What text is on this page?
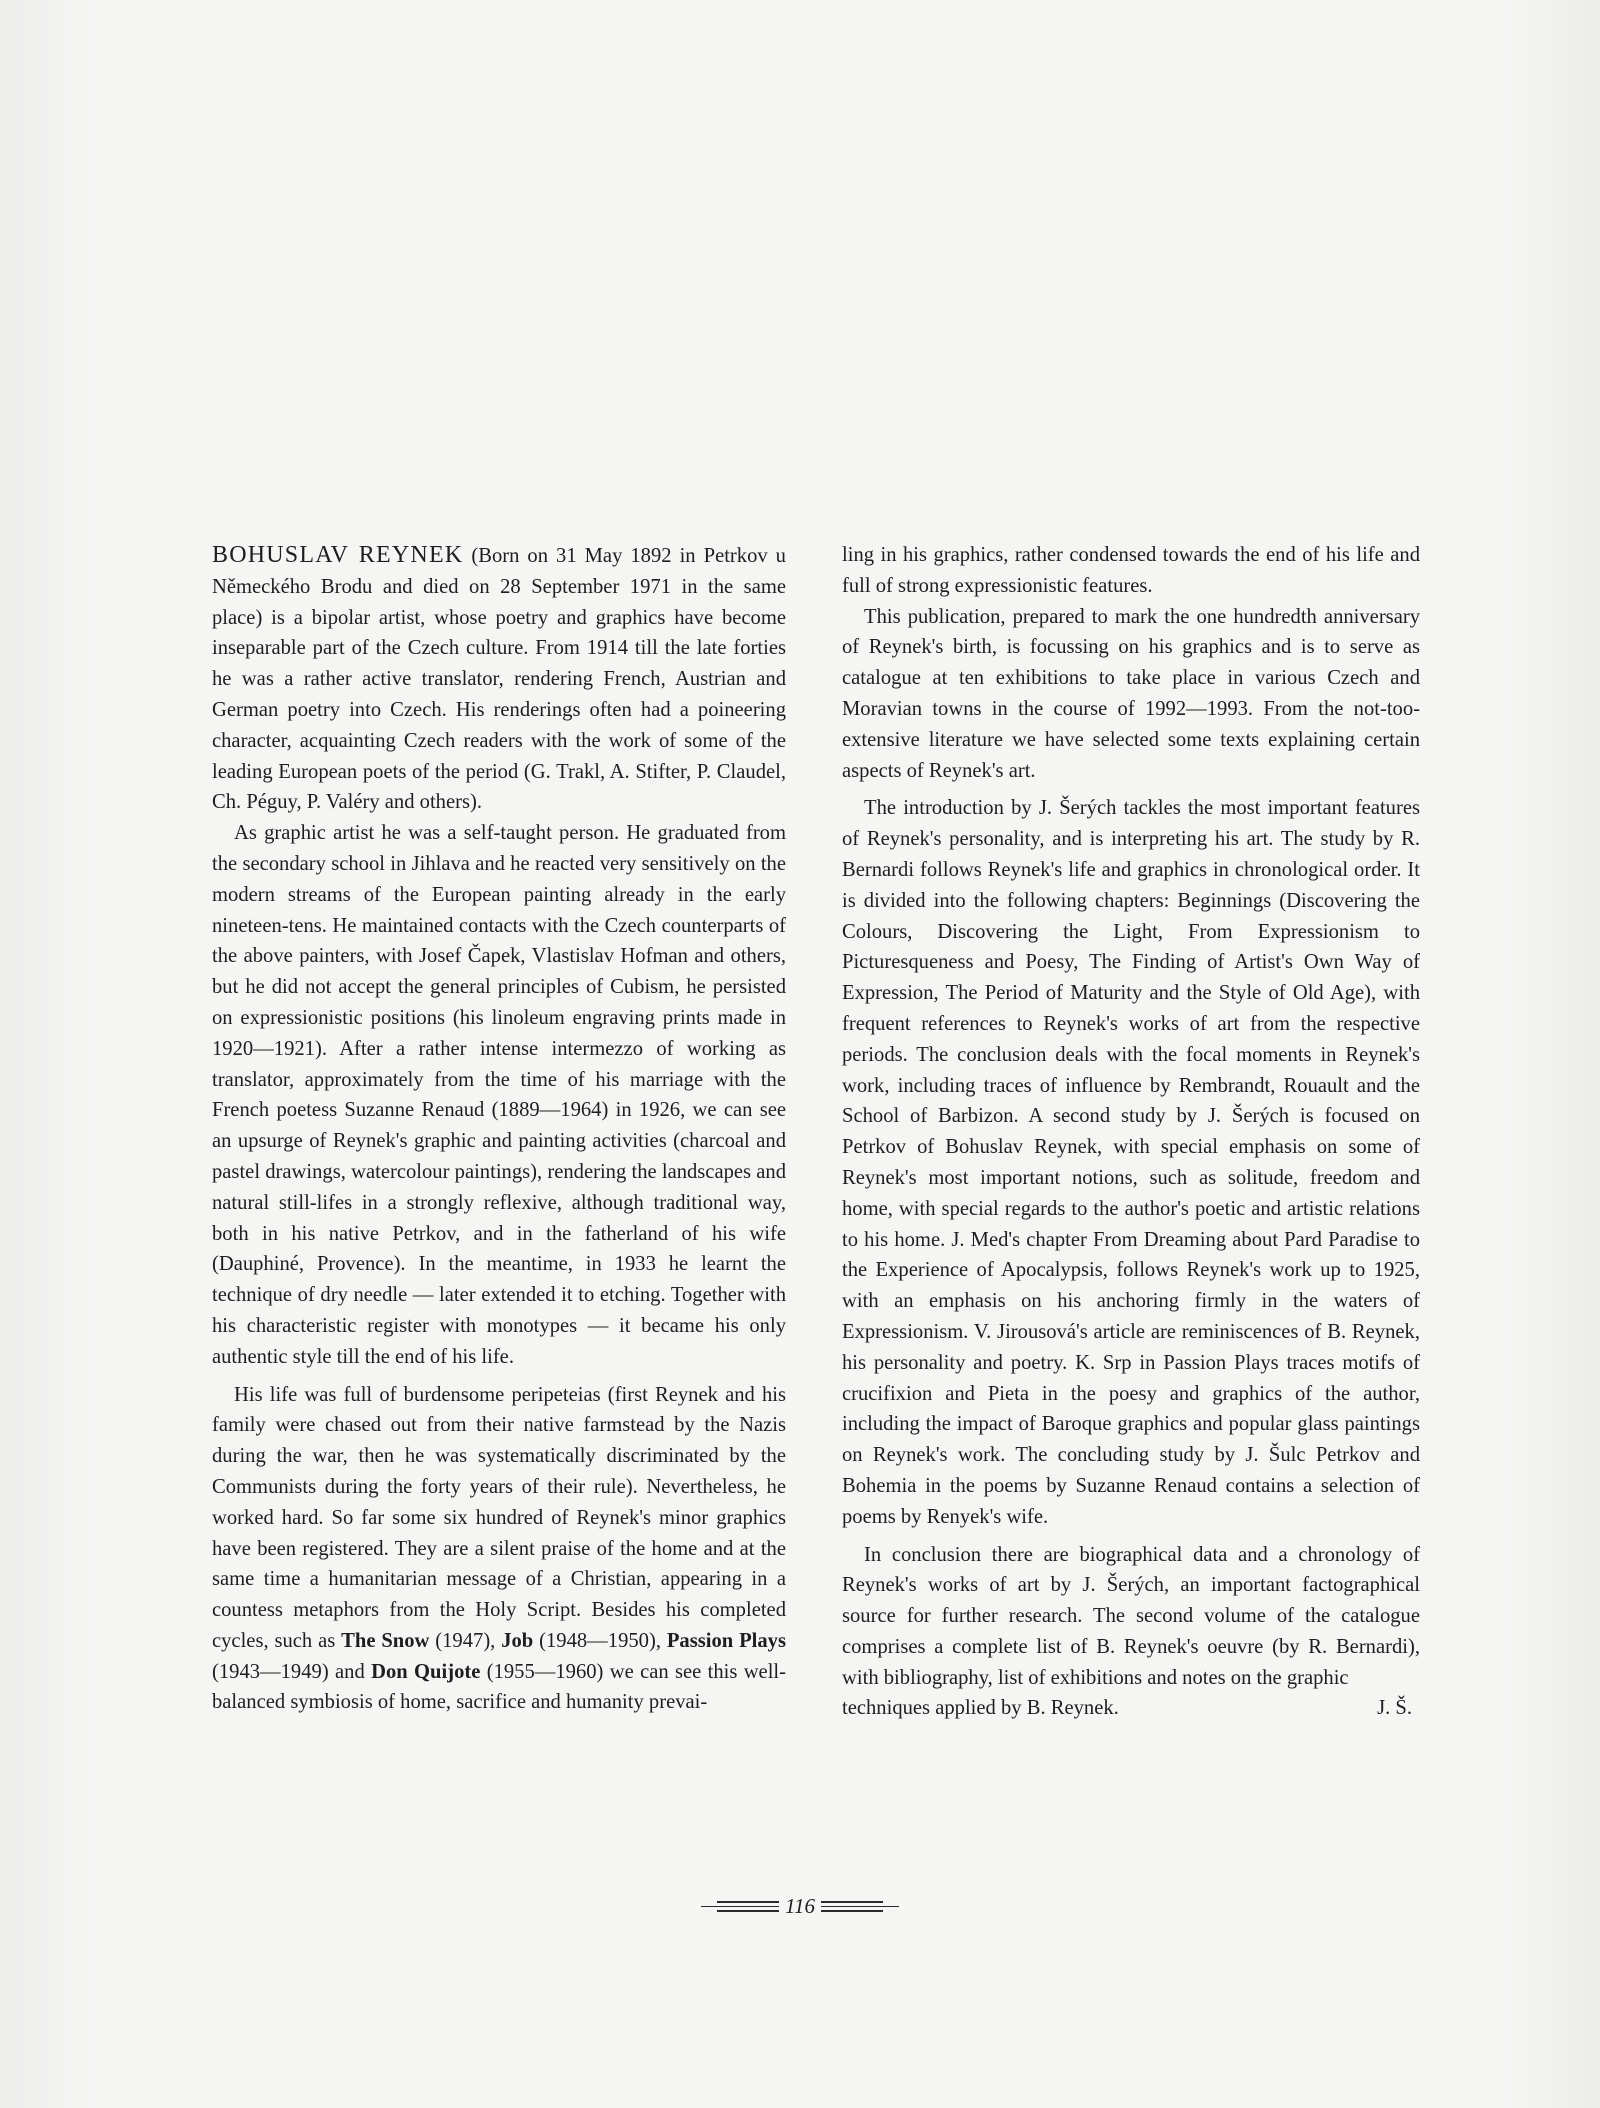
BOHUSLAV REYNEK (Born on 31 May 1892 in Petrkov u Německého Brodu and died on 28 September 1971 in the same place) is a bipolar artist, whose poetry and graphics have become inseparable part of the Czech culture. From 1914 till the late forties he was a rather active translator, rendering French, Austrian and German poetry into Czech. His renderings often had a poineering character, acquainting Czech readers with the work of some of the leading European poets of the period (G. Trakl, A. Stifter, P. Claudel, Ch. Péguy, P. Valéry and others).

As graphic artist he was a self-taught person. He graduated from the secondary school in Jihlava and he reacted very sensitively on the modern streams of the European painting already in the early nineteen-tens. He maintained contacts with the Czech counterparts of the above painters, with Josef Čapek, Vlastislav Hofman and others, but he did not accept the general principles of Cubism, he persisted on expressionistic positions (his linoleum engraving prints made in 1920—1921). After a rather intense intermezzo of working as translator, approximately from the time of his marriage with the French poetess Suzanne Renaud (1889—1964) in 1926, we can see an upsurge of Reynek's graphic and painting activities (charcoal and pastel drawings, watercolour paintings), rendering the landscapes and natural still-lifes in a strongly reflexive, although traditional way, both in his native Petrkov, and in the fatherland of his wife (Dauphiné, Provence). In the meantime, in 1933 he learnt the technique of dry needle — later extended it to etching. Together with his characteristic register with monotypes — it became his only authentic style till the end of his life.

His life was full of burdensome peripeteias (first Reynek and his family were chased out from their native farmstead by the Nazis during the war, then he was systematically discriminated by the Communists during the forty years of their rule). Nevertheless, he worked hard. So far some six hundred of Reynek's minor graphics have been registered. They are a silent praise of the home and at the same time a humanitarian message of a Christian, appearing in a countess metaphors from the Holy Script. Besides his completed cycles, such as The Snow (1947), Job (1948—1950), Passion Plays (1943—1949) and Don Quijote (1955—1960) we can see this well-balanced symbiosis of home, sacrifice and humanity prevai-

ling in his graphics, rather condensed towards the end of his life and full of strong expressionistic features.

This publication, prepared to mark the one hundredth anniversary of Reynek's birth, is focussing on his graphics and is to serve as catalogue at ten exhibitions to take place in various Czech and Moravian towns in the course of 1992—1993. From the not-too-extensive literature we have selected some texts explaining certain aspects of Reynek's art.

The introduction by J. Šerých tackles the most important features of Reynek's personality, and is interpreting his art. The study by R. Bernardi follows Reynek's life and graphics in chronological order. It is divided into the following chapters: Beginnings (Discovering the Colours, Discovering the Light, From Expressionism to Picturesqueness and Poesy, The Finding of Artist's Own Way of Expression, The Period of Maturity and the Style of Old Age), with frequent references to Reynek's works of art from the respective periods. The conclusion deals with the focal moments in Reynek's work, including traces of influence by Rembrandt, Rouault and the School of Barbizon. A second study by J. Šerých is focused on Petrkov of Bohuslav Reynek, with special emphasis on some of Reynek's most important notions, such as solitude, freedom and home, with special regards to the author's poetic and artistic relations to his home. J. Med's chapter From Dreaming about Pard Paradise to the Experience of Apocalypsis, follows Reynek's work up to 1925, with an emphasis on his anchoring firmly in the waters of Expressionism. V. Jirousová's article are reminiscences of B. Reynek, his personality and poetry. K. Srp in Passion Plays traces motifs of crucifixion and Pieta in the poesy and graphics of the author, including the impact of Baroque graphics and popular glass paintings on Reynek's work. The concluding study by J. Šulc Petrkov and Bohemia in the poems by Suzanne Renaud contains a selection of poems by Renyek's wife.

In conclusion there are biographical data and a chronology of Reynek's works of art by J. Šerých, an important factographical source for further research. The second volume of the catalogue comprises a complete list of B. Reynek's oeuvre (by R. Bernardi), with bibliography, list of exhibitions and notes on the graphic

techniques applied by B. Reynek.	J. Š.
116
